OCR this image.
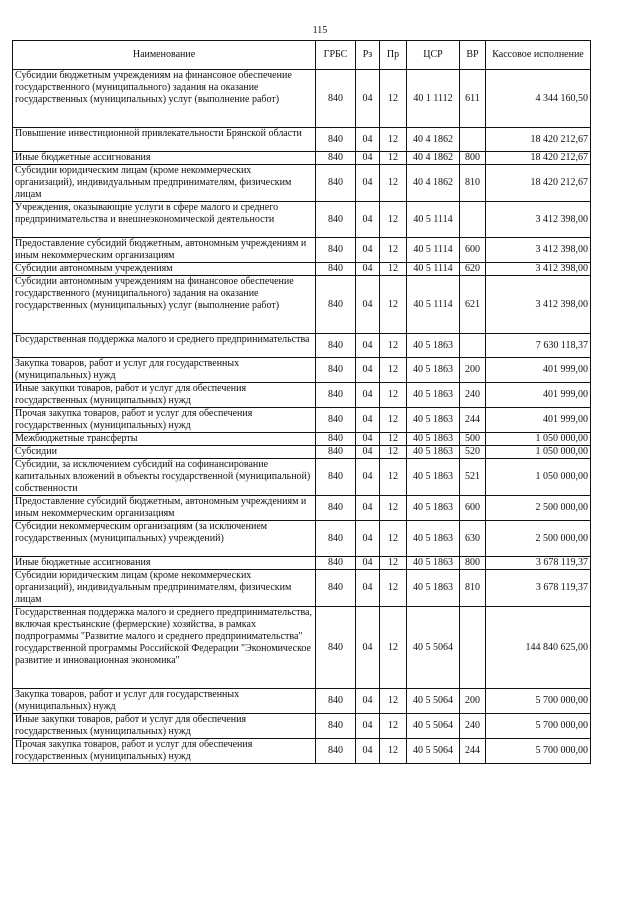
115
Наименование	ГРБС	Рз	Пр	ЦСР	ВР	Кассовое исполнение
Субсидии бюджетным учреждениям на финансовое обеспечение государственного (муниципального) задания на оказание государственных (муниципальных) услуг (выполнение работ)	840	04	12	40 1 1112	611	4 344 160,50
Повышение инвестиционной привлекательности Брянской области	840	04	12	40 4 1862		18 420 212,67
Иные бюджетные ассигнования	840	04	12	40 4 1862	800	18 420 212,67
Субсидии юридическим лицам (кроме некоммерческих организаций), индивидуальным предпринимателям, физическим лицам	840	04	12	40 4 1862	810	18 420 212,67
Учреждения, оказывающие услуги в сфере малого и среднего предпринимательства и внешнеэкономической деятельности	840	04	12	40 5 1114		3 412 398,00
Предоставление субсидий бюджетным, автономным учреждениям и иным некоммерческим организациям	840	04	12	40 5 1114	600	3 412 398,00
Субсидии автономным учреждениям	840	04	12	40 5 1114	620	3 412 398,00
Субсидии автономным учреждениям на финансовое обеспечение государственного (муниципального) задания на оказание государственных (муниципальных) услуг (выполнение работ)	840	04	12	40 5 1114	621	3 412 398,00
Государственная поддержка малого и среднего предпринимательства	840	04	12	40 5 1863		7 630 118,37
Закупка товаров, работ и услуг для государственных (муниципальных) нужд	840	04	12	40 5 1863	200	401 999,00
Иные закупки товаров, работ и услуг для обеспечения государственных (муниципальных) нужд	840	04	12	40 5 1863	240	401 999,00
Прочая закупка товаров, работ и услуг для обеспечения государственных (муниципальных) нужд	840	04	12	40 5 1863	244	401 999,00
Межбюджетные трансферты	840	04	12	40 5 1863	500	1 050 000,00
Субсидии	840	04	12	40 5 1863	520	1 050 000,00
Субсидии, за исключением субсидий на софинансирование капитальных вложений в объекты государственной (муниципальной) собственности	840	04	12	40 5 1863	521	1 050 000,00
Предоставление субсидий бюджетным, автономным учреждениям и иным некоммерческим организациям	840	04	12	40 5 1863	600	2 500 000,00
Субсидии некоммерческим организациям (за исключением государственных (муниципальных) учреждений)	840	04	12	40 5 1863	630	2 500 000,00
Иные бюджетные ассигнования	840	04	12	40 5 1863	800	3 678 119,37
Субсидии юридическим лицам (кроме некоммерческих организаций), индивидуальным предпринимателям, физическим лицам	840	04	12	40 5 1863	810	3 678 119,37
Государственная поддержка малого и среднего предпринимательства, включая крестьянские (фермерские) хозяйства, в рамках подпрограммы "Развитие малого и среднего предпринимательства" государственной программы Российской Федерации "Экономическое развитие и инновационная экономика"	840	04	12	40 5 5064		144 840 625,00
Закупка товаров, работ и услуг для государственных (муниципальных) нужд	840	04	12	40 5 5064	200	5 700 000,00
Иные закупки товаров, работ и услуг для обеспечения государственных (муниципальных) нужд	840	04	12	40 5 5064	240	5 700 000,00
Прочая закупка товаров, работ и услуг для обеспечения государственных (муниципальных) нужд	840	04	12	40 5 5064	244	5 700 000,00
